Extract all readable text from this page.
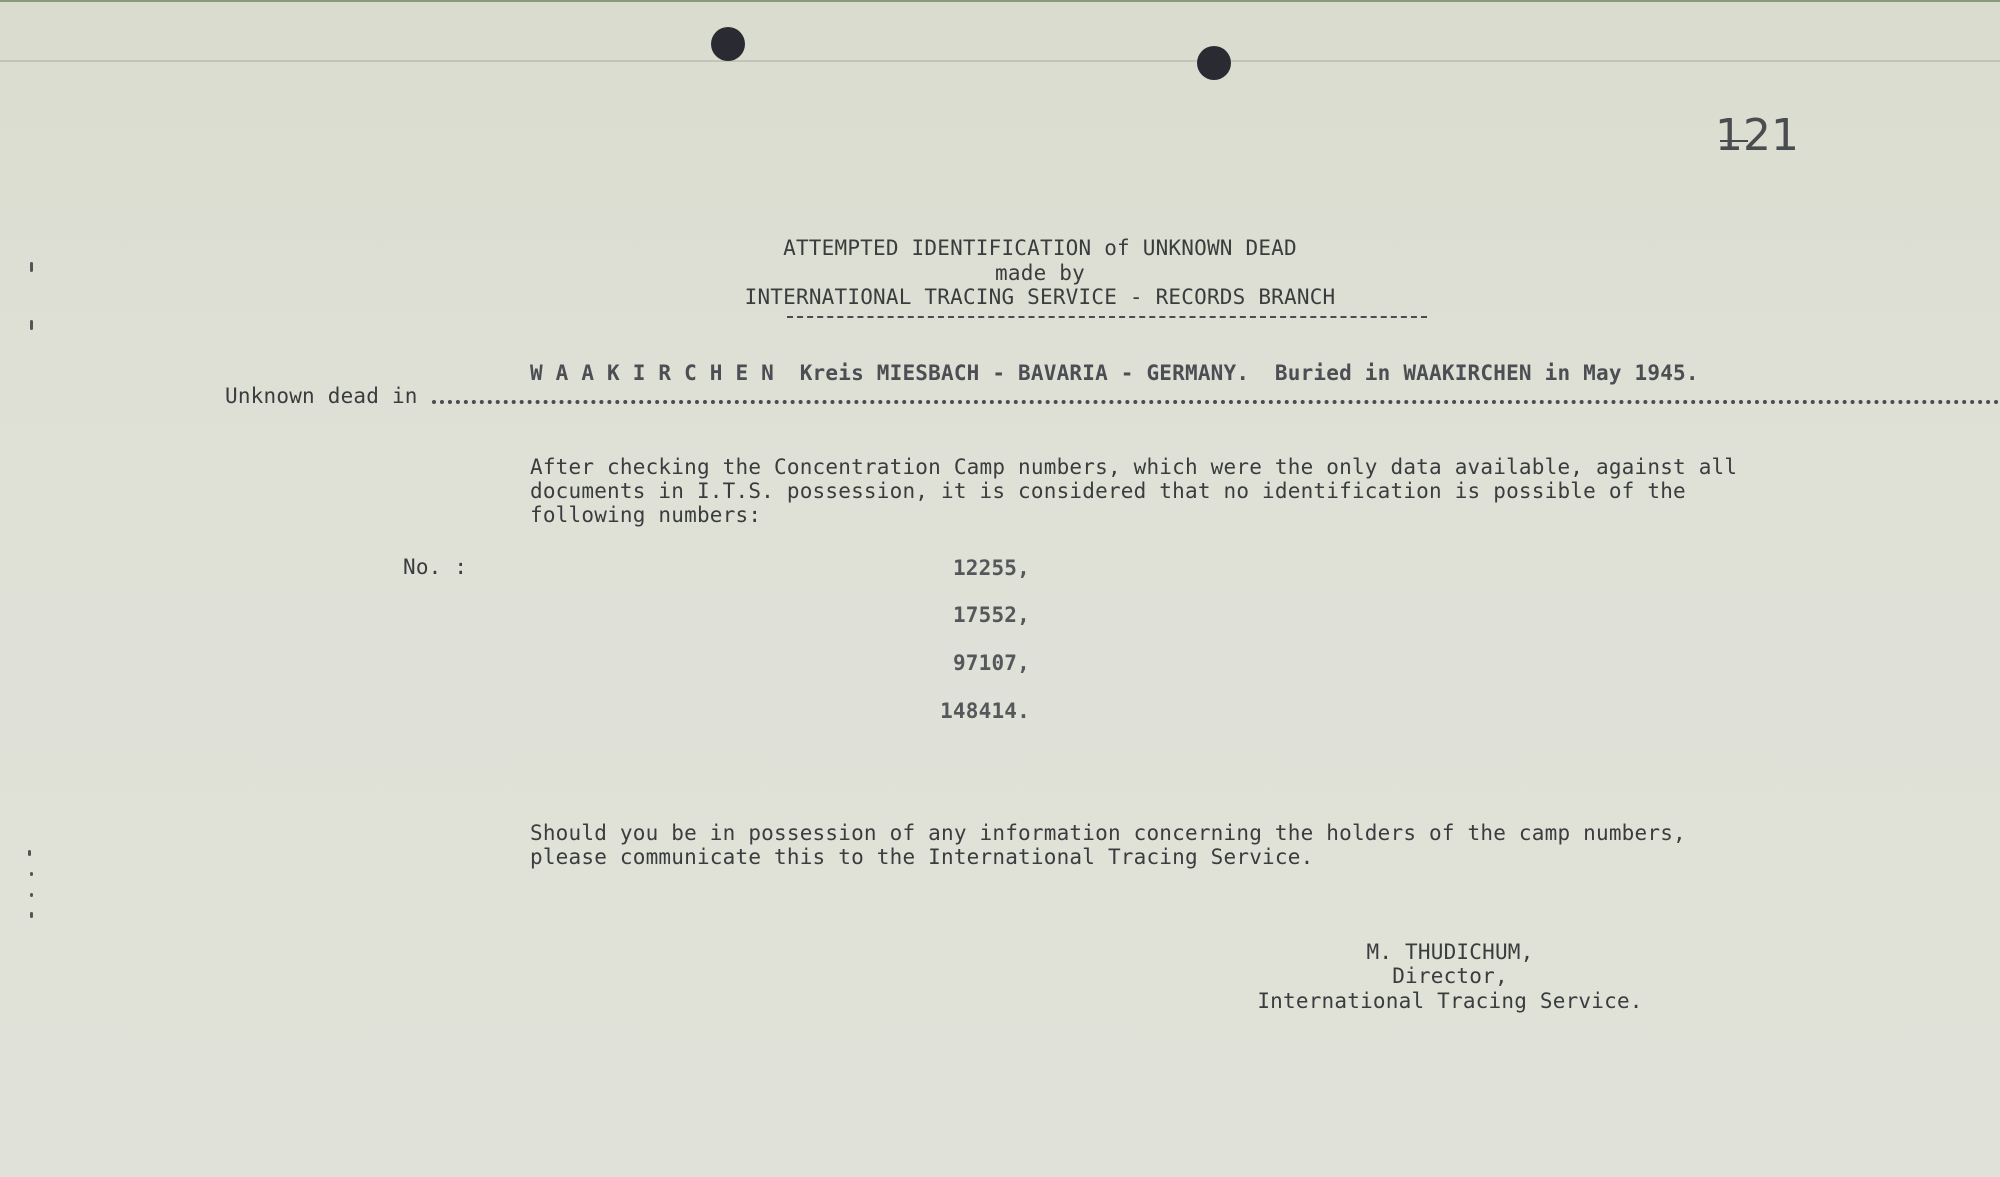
121
ATTEMPTED IDENTIFICATION of UNKNOWN DEAD
made by
INTERNATIONAL TRACING SERVICE - RECORDS BRANCH
W A A K I R C H E N  Kreis MIESBACH - BAVARIA - GERMANY.  Buried in WAAKIRCHEN in May 1945.
Unknown dead in
After checking the Concentration Camp numbers, which were the only data available, against all
documents in I.T.S. possession, it is considered that no identification is possible of the
following numbers:
No. :	12255,
17552,
97107,
148414.
Should you be in possession of any information concerning the holders of the camp numbers,
please communicate this to the International Tracing Service.
M. THUDICHUM,
Director,
International Tracing Service.
